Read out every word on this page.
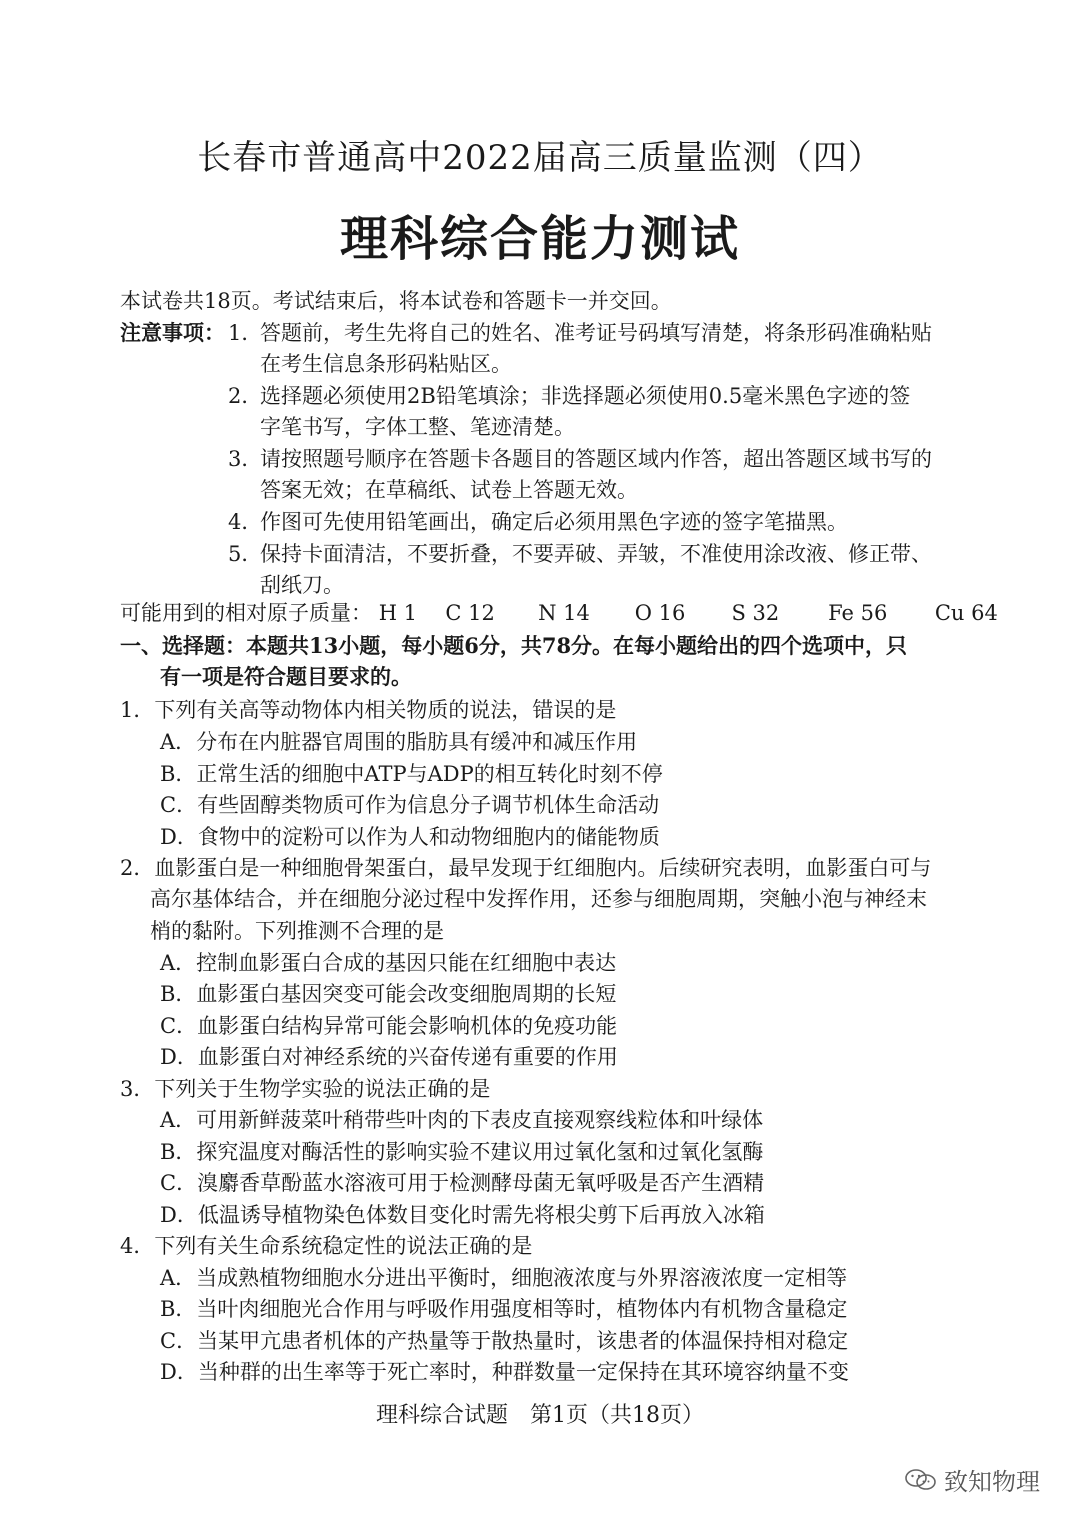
长春市普通高中2022届高三质量监测（四）
理科综合能力测试
本试卷共18页。考试结束后，将本试卷和答题卡一并交回。
注意事项： 1．
答题前，考生先将自己的姓名、准考证号码填写清楚，将条形码准确粘贴
在考生信息条形码粘贴区。
2．
选择题必须使用2B铅笔填涂；非选择题必须使用0.5毫米黑色字迹的签
字笔书写，字体工整、笔迹清楚。
3．
请按照题号顺序在答题卡各题目的答题区域内作答，超出答题区域书写的
答案无效；在草稿纸、试卷上答题无效。
4．
作图可先使用铅笔画出，确定后必须用黑色字迹的签字笔描黑。
5．
保持卡面清洁，不要折叠，不要弄破、弄皱，不准使用涂改液、修正带、
刮纸刀。
可能用到的相对原子质量： H 1 C 12 N 14 O 16 S 32 Fe 56 Cu 64
一、选择题：本题共13小题，每小题6分，共78分。在每小题给出的四个选项中，只
有一项是符合题目要求的。
1．下列有关高等动物体内相关物质的说法，错误的是
A．分布在内脏器官周围的脂肪具有缓冲和减压作用
B．正常生活的细胞中ATP与ADP的相互转化时刻不停
C．有些固醇类物质可作为信息分子调节机体生命活动
D．食物中的淀粉可以作为人和动物细胞内的储能物质
2．血影蛋白是一种细胞骨架蛋白，最早发现于红细胞内。后续研究表明，血影蛋白可与
高尔基体结合，并在细胞分泌过程中发挥作用，还参与细胞周期，突触小泡与神经末
梢的黏附。下列推测不合理的是
A．控制血影蛋白合成的基因只能在红细胞中表达
B．血影蛋白基因突变可能会改变细胞周期的长短
C．血影蛋白结构异常可能会影响机体的免疫功能
D．血影蛋白对神经系统的兴奋传递有重要的作用
3．下列关于生物学实验的说法正确的是
A．可用新鲜菠菜叶稍带些叶肉的下表皮直接观察线粒体和叶绿体
B．探究温度对酶活性的影响实验不建议用过氧化氢和过氧化氢酶
C．溴麝香草酚蓝水溶液可用于检测酵母菌无氧呼吸是否产生酒精
D．低温诱导植物染色体数目变化时需先将根尖剪下后再放入冰箱
4．下列有关生命系统稳定性的说法正确的是
A．当成熟植物细胞水分进出平衡时，细胞液浓度与外界溶液浓度一定相等
B．当叶肉细胞光合作用与呼吸作用强度相等时，植物体内有机物含量稳定
C．当某甲亢患者机体的产热量等于散热量时，该患者的体温保持相对稳定
D．当种群的出生率等于死亡率时，种群数量一定保持在其环境容纳量不变
理科综合试题　第1页（共18页）
致知物理
